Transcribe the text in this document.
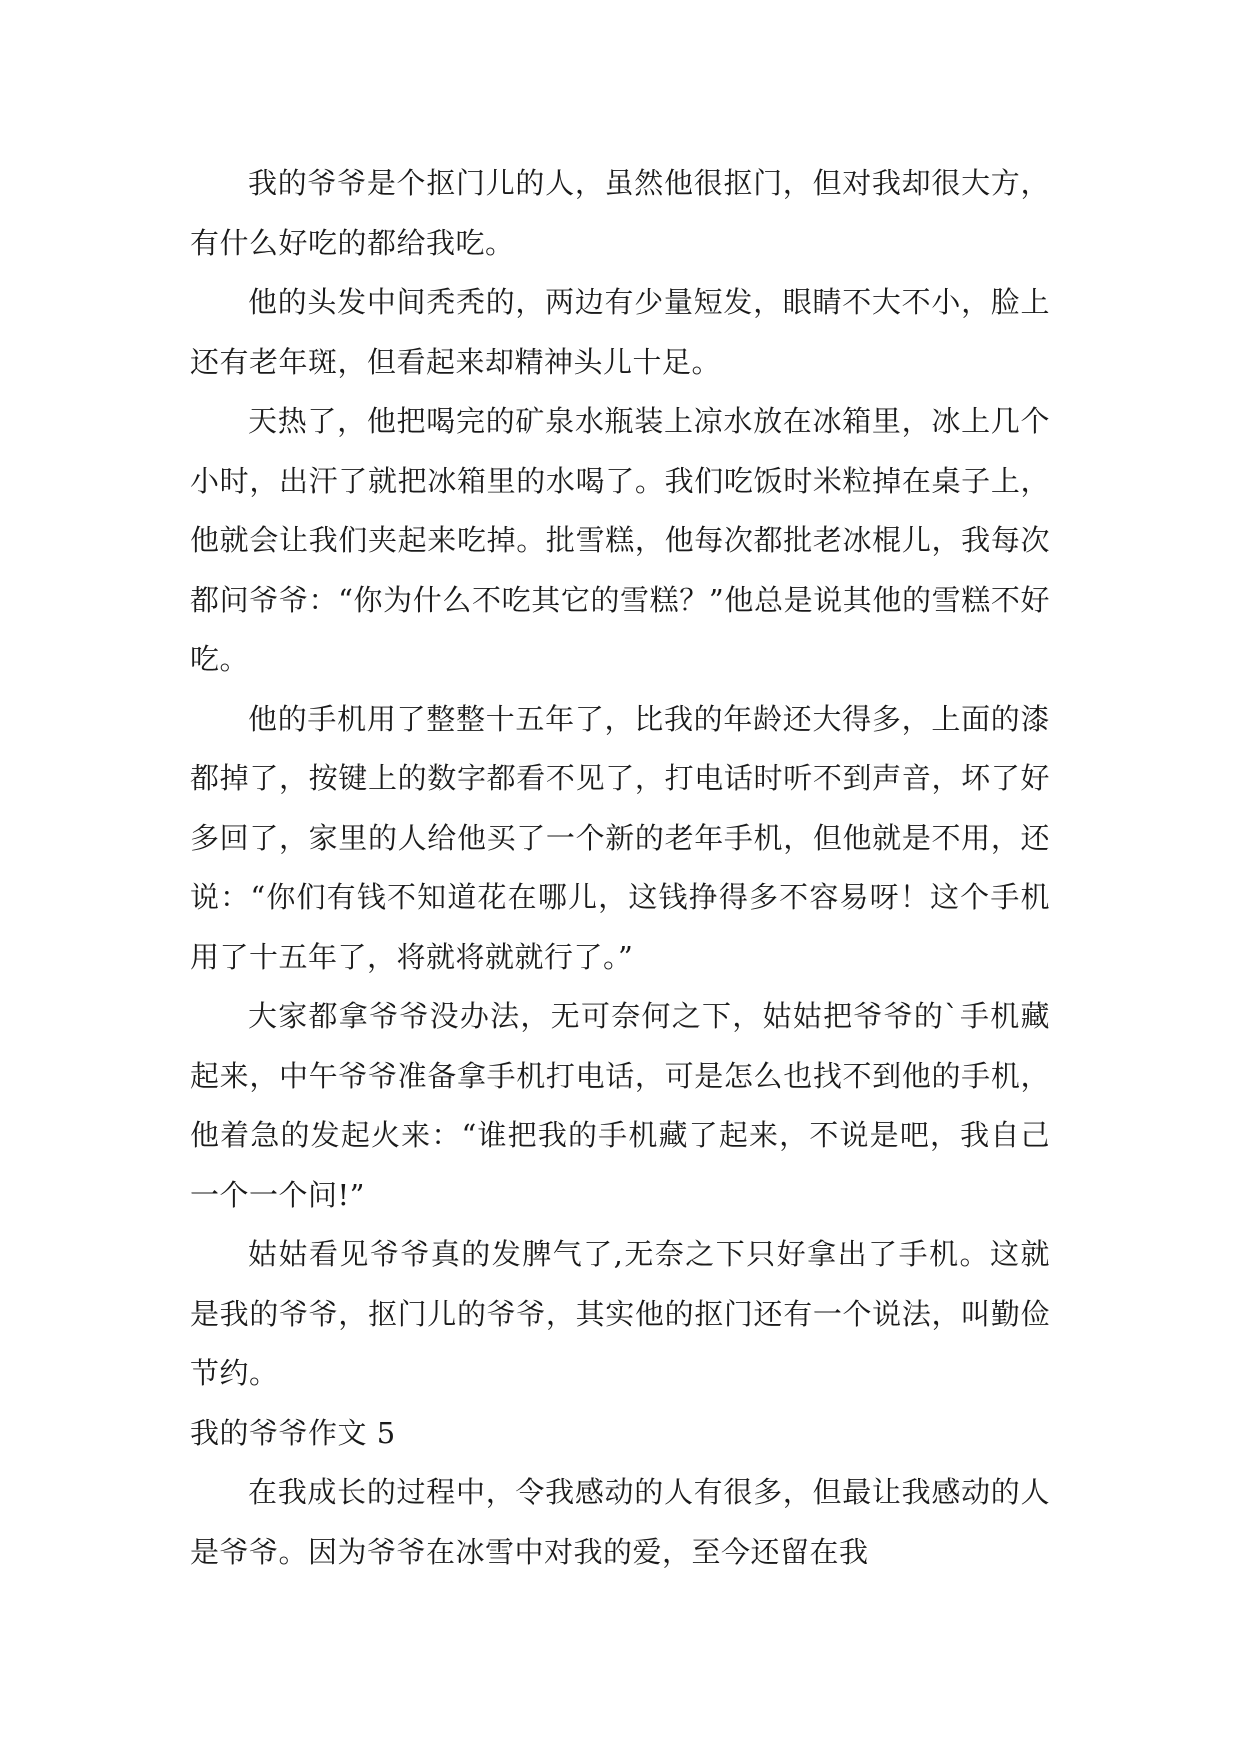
我的爷爷是个抠门儿的人，虽然他很抠门，但对我却很大方，有什么好吃的都给我吃。

他的头发中间秃秃的，两边有少量短发，眼睛不大不小，脸上还有老年斑，但看起来却精神头儿十足。

天热了，他把喝完的矿泉水瓶装上凉水放在冰箱里，冰上几个小时，出汗了就把冰箱里的水喝了。我们吃饭时米粒掉在桌子上，他就会让我们夹起来吃掉。批雪糕，他每次都批老冰棍儿，我每次都问爷爷：“你为什么不吃其它的雪糕？”他总是说其他的雪糕不好吃。

他的手机用了整整十五年了，比我的年龄还大得多，上面的漆都掉了，按键上的数字都看不见了，打电话时听不到声音，坏了好多回了，家里的人给他买了一个新的老年手机，但他就是不用，还说：“你们有钱不知道花在哪儿，这钱挣得多不容易呀！这个手机用了十五年了，将就将就就行了。”

大家都拿爷爷没办法，无可奈何之下，姑姑把爷爷的`手机藏起来，中午爷爷准备拿手机打电话，可是怎么也找不到他的手机，他着急的发起火来：“谁把我的手机藏了起来，不说是吧，我自己一个一个问!”

姑姑看见爷爷真的发脾气了,无奈之下只好拿出了手机。这就是我的爷爷，抠门儿的爷爷，其实他的抠门还有一个说法，叫勤俭节约。

我的爷爷作文 5

在我成长的过程中，令我感动的人有很多，但最让我感动的人是爷爷。因为爷爷在冰雪中对我的爱，至今还留在我
